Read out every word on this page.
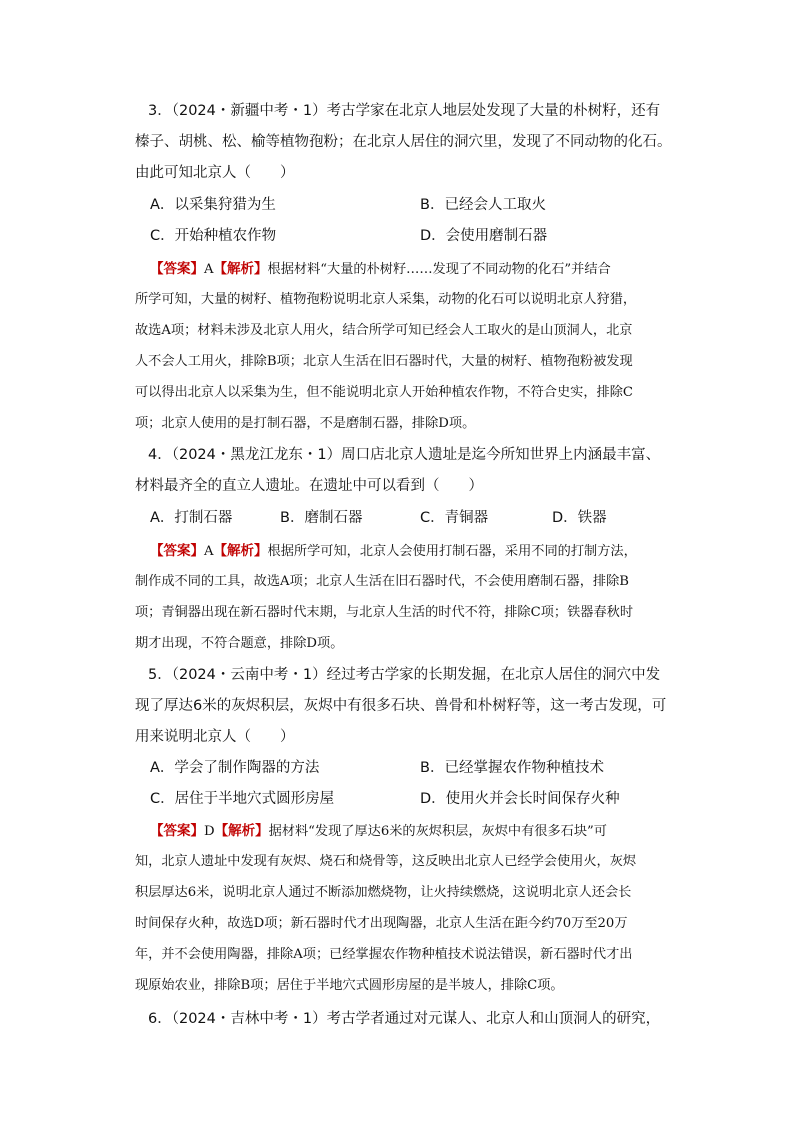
3．（2024・新疆中考・1）考古学家在北京人地层处发现了大量的朴树籽，还有
榛子、胡桃、松、榆等植物孢粉；在北京人居住的洞穴里，发现了不同动物的化石。
由此可知北京人（　　）
A．以采集狩猎为生	B．已经会人工取火
C．开始种植农作物	D．会使用磨制石器
【答案】A【解析】根据材料“大量的朴树籽……发现了不同动物的化石”并结合
所学可知，大量的树籽、植物孢粉说明北京人采集，动物的化石可以说明北京人狩猎，
故选A项；材料未涉及北京人用火，结合所学可知已经会人工取火的是山顶洞人，北京
人不会人工用火，排除B项；北京人生活在旧石器时代，大量的树籽、植物孢粉被发现
可以得出北京人以采集为生，但不能说明北京人开始种植农作物，不符合史实，排除C
项；北京人使用的是打制石器，不是磨制石器，排除D项。
4．（2024・黑龙江龙东・1）周口店北京人遗址是迄今所知世界上内涵最丰富、
材料最齐全的直立人遗址。在遗址中可以看到（　　）
A．打制石器	B．磨制石器	C．青铜器	D．铁器
【答案】A【解析】根据所学可知，北京人会使用打制石器，采用不同的打制方法，
制作成不同的工具，故选A项；北京人生活在旧石器时代，不会使用磨制石器，排除B
项；青铜器出现在新石器时代末期，与北京人生活的时代不符，排除C项；铁器春秋时
期才出现，不符合题意，排除D项。
5．（2024・云南中考・1）经过考古学家的长期发掘，在北京人居住的洞穴中发
现了厚达6米的灰烬积层，灰烬中有很多石块、兽骨和朴树籽等，这一考古发现，可
用来说明北京人（　　）
A．学会了制作陶器的方法	B．已经掌握农作物种植技术
C．居住于半地穴式圆形房屋	D．使用火并会长时间保存火种
【答案】D【解析】据材料“发现了厚达6米的灰烬积层，灰烬中有很多石块”可
知，北京人遗址中发现有灰烬、烧石和烧骨等，这反映出北京人已经学会使用火，灰烬
积层厚达6米，说明北京人通过不断添加燃烧物，让火持续燃烧，这说明北京人还会长
时间保存火种，故选D项；新石器时代才出现陶器，北京人生活在距今约70万至20万
年，并不会使用陶器，排除A项；已经掌握农作物种植技术说法错误，新石器时代才出
现原始农业，排除B项；居住于半地穴式圆形房屋的是半坡人，排除C项。
6．（2024・吉林中考・1）考古学者通过对元谋人、北京人和山顶洞人的研究，
